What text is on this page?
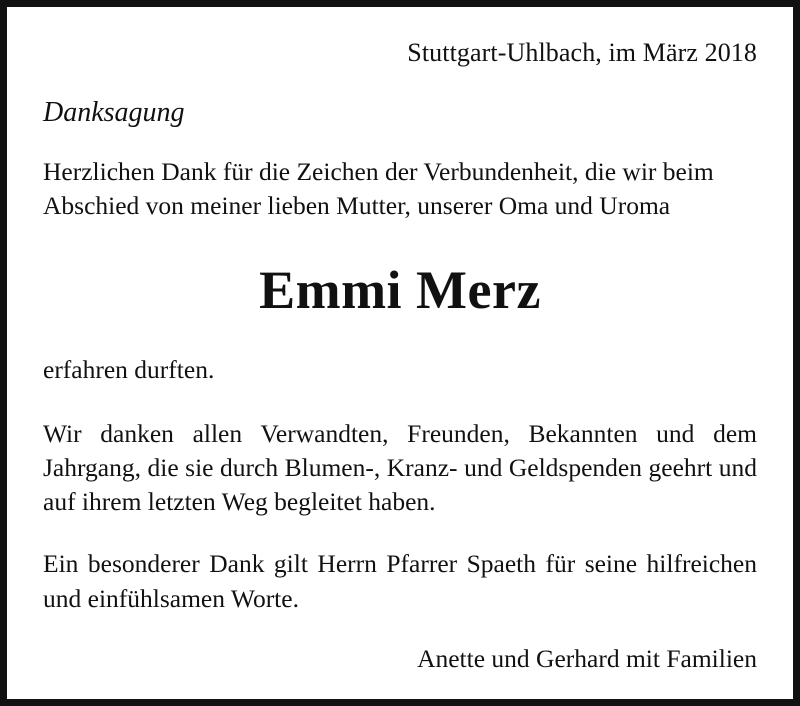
Stuttgart-Uhlbach, im März 2018
Danksagung
Herzlichen Dank für die Zeichen der Verbundenheit, die wir beim Abschied von meiner lieben Mutter, unserer Oma und Uroma
Emmi Merz
erfahren durften.
Wir danken allen Verwandten, Freunden, Bekannten und dem Jahrgang, die sie durch Blumen-, Kranz- und Geldspenden geehrt und auf ihrem letzten Weg begleitet haben.
Ein besonderer Dank gilt Herrn Pfarrer Spaeth für seine hilfreichen und einfühlsamen Worte.
Anette und Gerhard mit Familien
